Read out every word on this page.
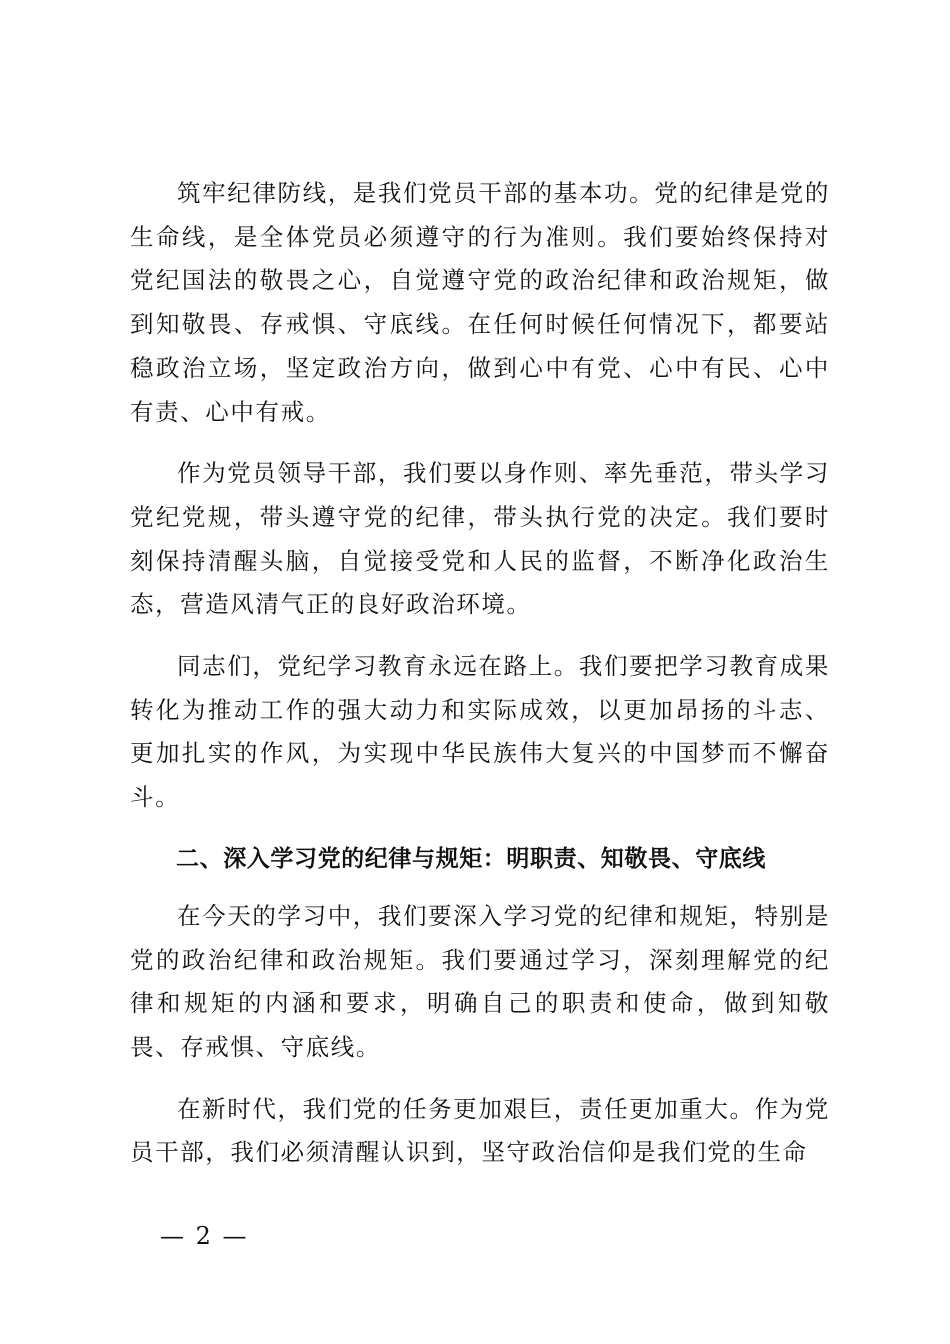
筑牢纪律防线，是我们党员干部的基本功。党的纪律是党的生命线，是全体党员必须遵守的行为准则。我们要始终保持对党纪国法的敬畏之心，自觉遵守党的政治纪律和政治规矩，做到知敬畏、存戒惧、守底线。在任何时候任何情况下，都要站稳政治立场，坚定政治方向，做到心中有党、心中有民、心中有责、心中有戒。

作为党员领导干部，我们要以身作则、率先垂范，带头学习党纪党规，带头遵守党的纪律，带头执行党的决定。我们要时刻保持清醒头脑，自觉接受党和人民的监督，不断净化政治生态，营造风清气正的良好政治环境。

同志们，党纪学习教育永远在路上。我们要把学习教育成果转化为推动工作的强大动力和实际成效，以更加昂扬的斗志、更加扎实的作风，为实现中华民族伟大复兴的中国梦而不懈奋斗。

二、深入学习党的纪律与规矩：明职责、知敬畏、守底线

在今天的学习中，我们要深入学习党的纪律和规矩，特别是党的政治纪律和政治规矩。我们要通过学习，深刻理解党的纪律和规矩的内涵和要求，明确自己的职责和使命，做到知敬畏、存戒惧、守底线。

在新时代，我们党的任务更加艰巨，责任更加重大。作为党员干部，我们必须清醒认识到，坚守政治信仰是我们党的生命

— 2 —
